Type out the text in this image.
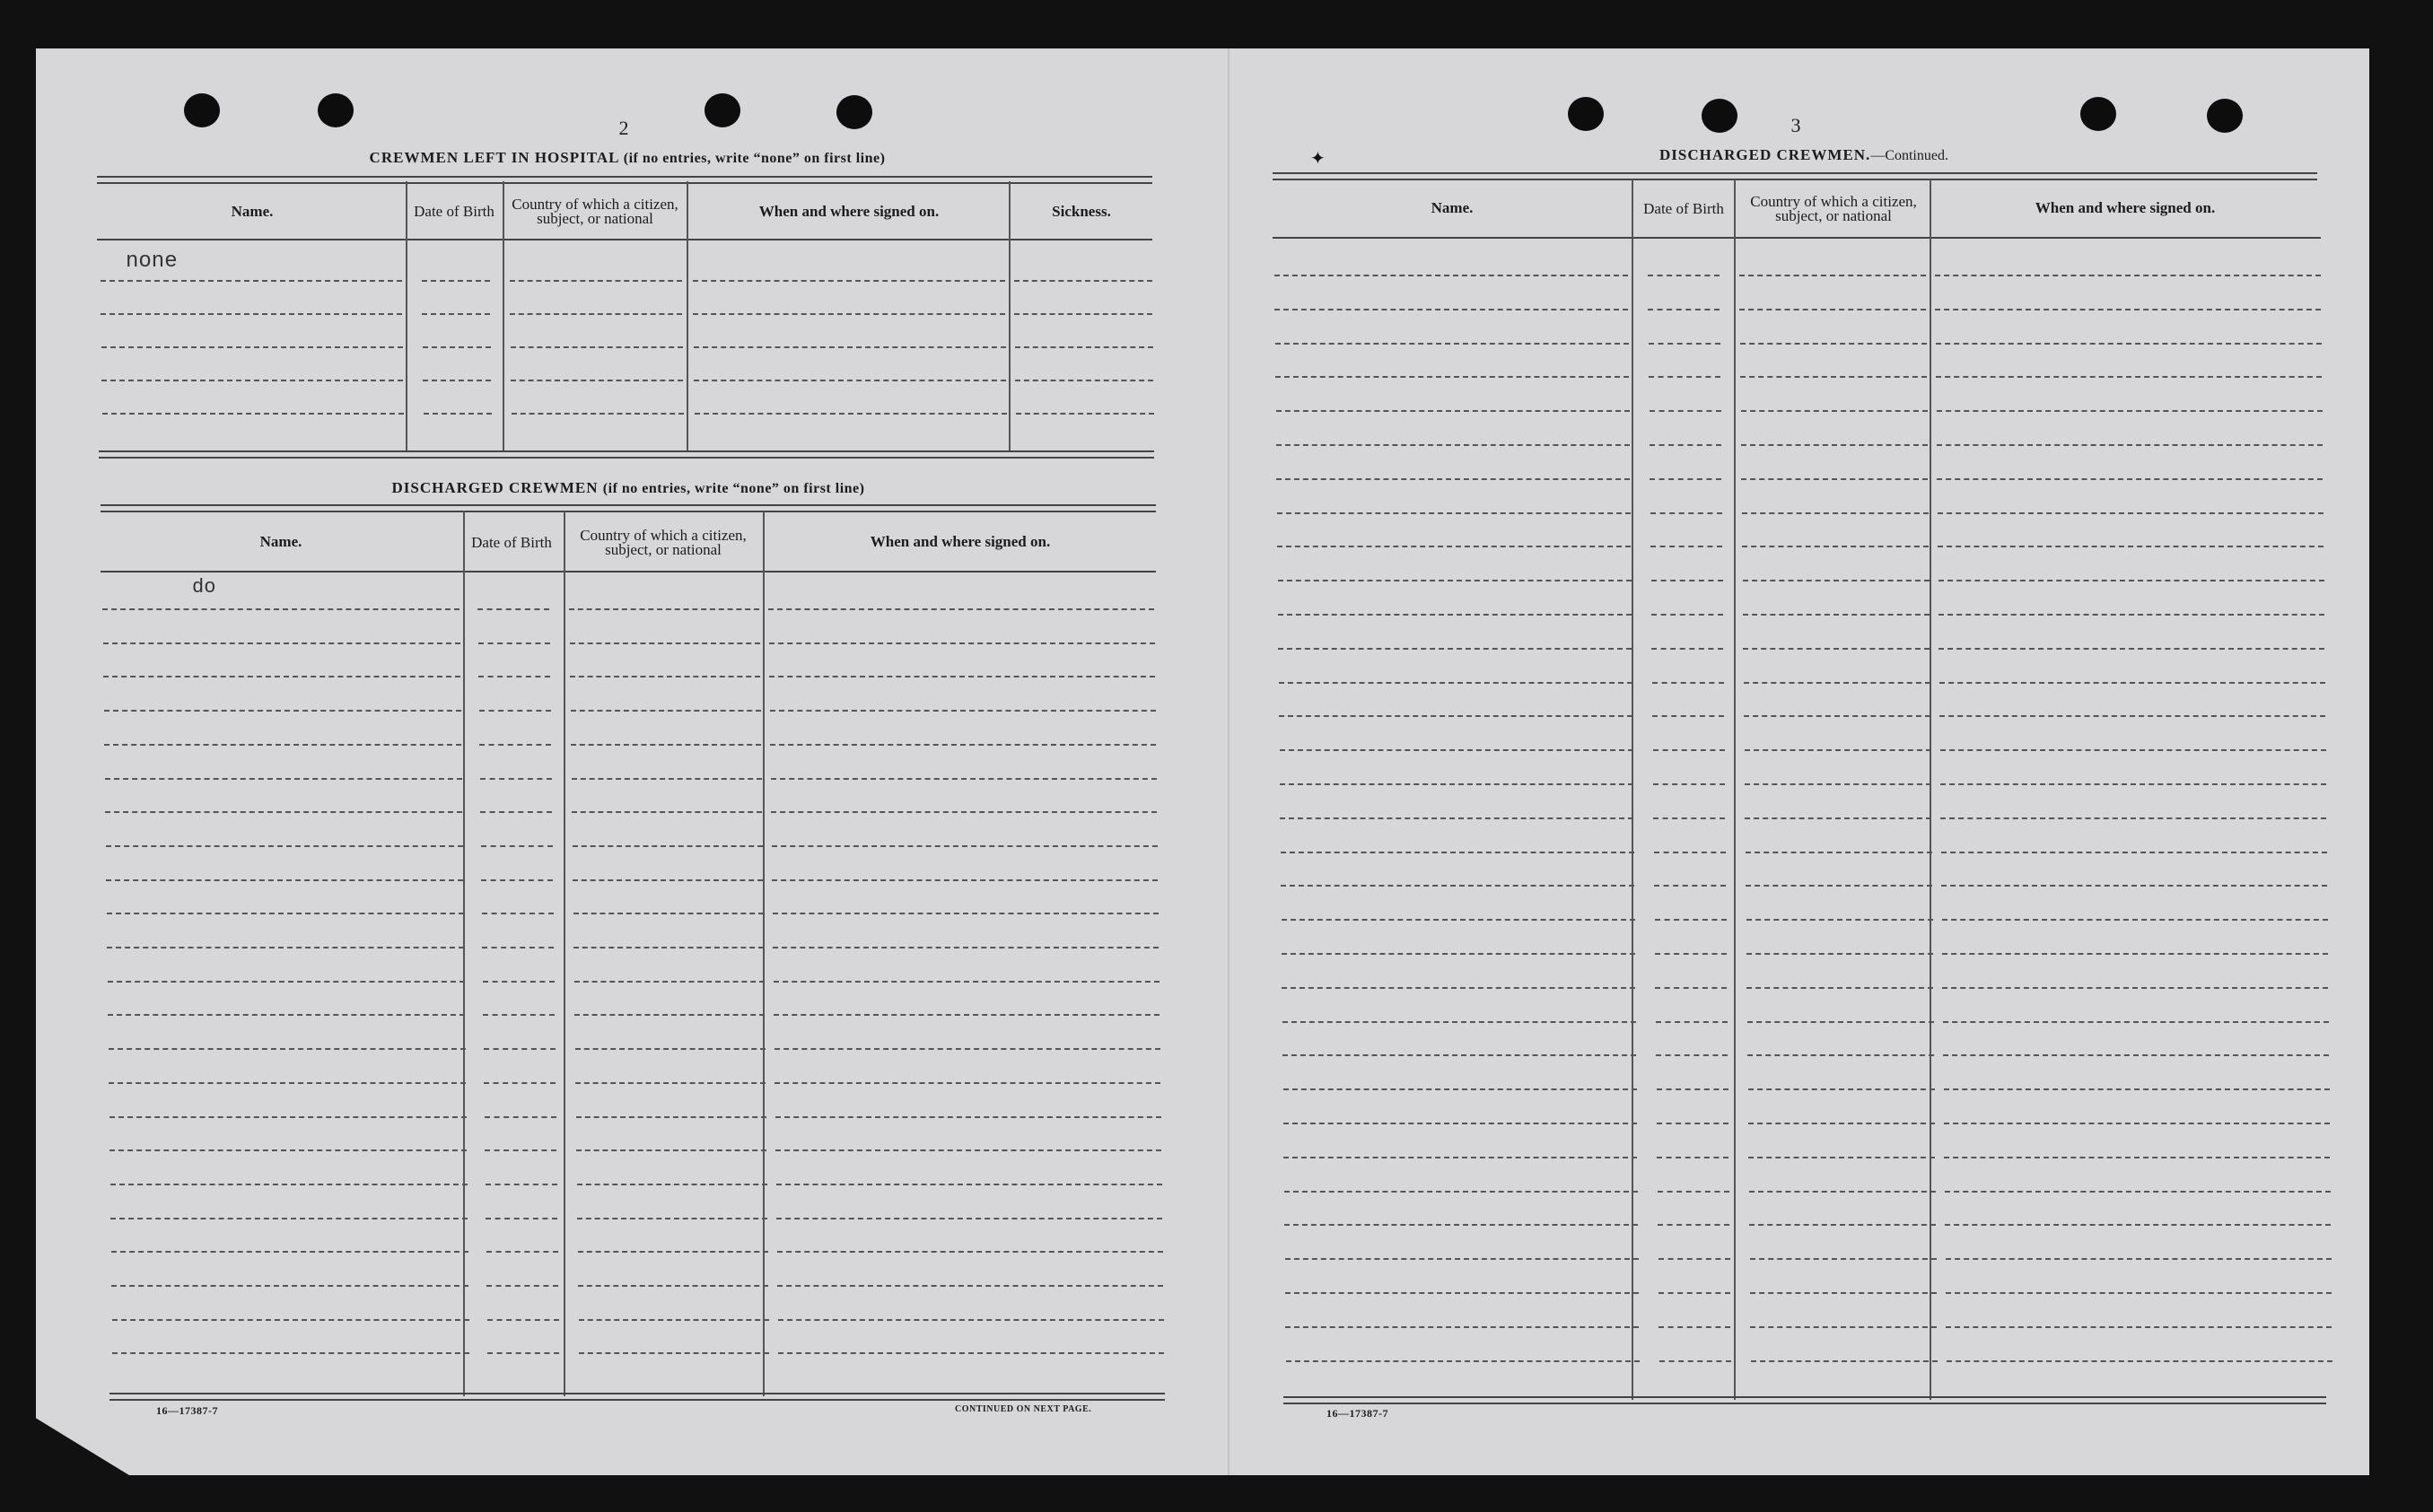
✦
2
CREWMEN LEFT IN HOSPITAL (if no entries, write “none” on first line)
Name.	Date of Birth	Country of which a citizen, subject, or national	When and where signed on.	Sickness.
none
DISCHARGED CREWMEN (if no entries, write “none” on first line)
Name.	Date of Birth	Country of which a citizen, subject, or national	When and where signed on.
do
16—17387-7	CONTINUED ON NEXT PAGE.
3
DISCHARGED CREWMEN.—Continued.
Name.	Date of Birth	Country of which a citizen, subject, or national	When and where signed on.
16—17387-7
